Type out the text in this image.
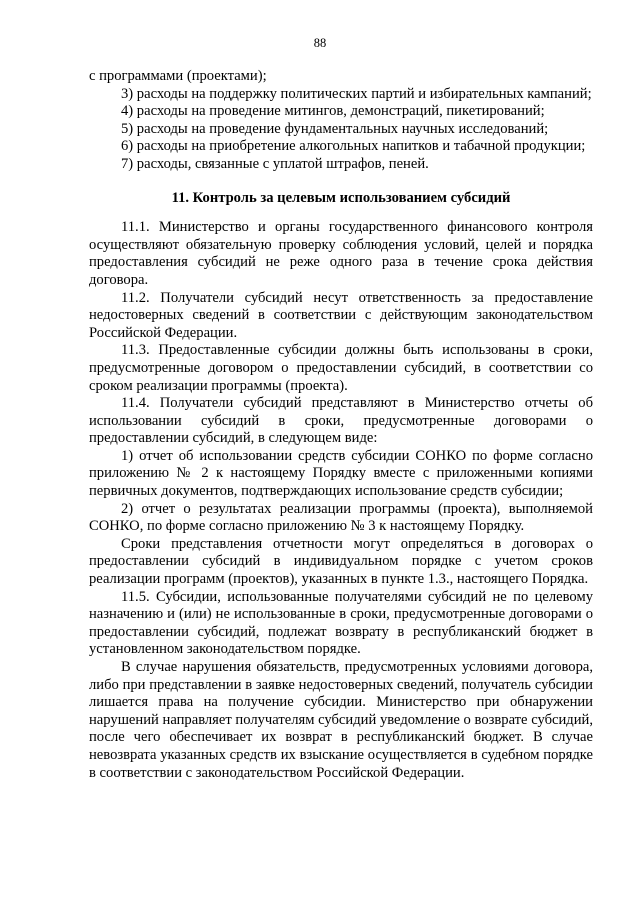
88

с программами (проектами);

3) расходы на поддержку политических партий и избирательных кампаний;

4) расходы на проведение митингов, демонстраций, пикетирований;

5) расходы на проведение фундаментальных научных исследований;

6) расходы на приобретение алкогольных напитков и табачной продукции;

7) расходы, связанные с уплатой штрафов, пеней.

11. Контроль за целевым использованием субсидий

11.1. Министерство и органы государственного финансового контроля осуществляют обязательную проверку соблюдения условий, целей и порядка предоставления субсидий не реже одного раза в течение срока действия договора.

11.2. Получатели субсидий несут ответственность за предоставление недостоверных сведений в соответствии с действующим законодательством Российской Федерации.

11.3. Предоставленные субсидии должны быть использованы в сроки, предусмотренные договором о предоставлении субсидий, в соответствии со сроком реализации программы (проекта).

11.4. Получатели субсидий представляют в Министерство отчеты об использовании субсидий в сроки, предусмотренные договорами о предоставлении субсидий, в следующем виде:

1) отчет об использовании средств субсидии СОНКО по форме согласно приложению № 2 к настоящему Порядку вместе с приложенными копиями первичных документов, подтверждающих использование средств субсидии;

2) отчет о результатах реализации программы (проекта), выполняемой СОНКО, по форме согласно приложению № 3 к настоящему Порядку.

Сроки представления отчетности могут определяться в договорах о предоставлении субсидий в индивидуальном порядке с учетом сроков реализации программ (проектов), указанных в пункте 1.3., настоящего Порядка.

11.5. Субсидии, использованные получателями субсидий не по целевому назначению и (или) не использованные в сроки, предусмотренные договорами о предоставлении субсидий, подлежат возврату в республиканский бюджет в установленном законодательством порядке.

В случае нарушения обязательств, предусмотренных условиями договора, либо при представлении в заявке недостоверных сведений, получатель субсидии лишается права на получение субсидии. Министерство при обнаружении нарушений направляет получателям субсидий уведомление о возврате субсидий, после чего обеспечивает их возврат в республиканский бюджет. В случае невозврата указанных средств их взыскание осуществляется в судебном порядке в соответствии с законодательством Российской Федерации.
